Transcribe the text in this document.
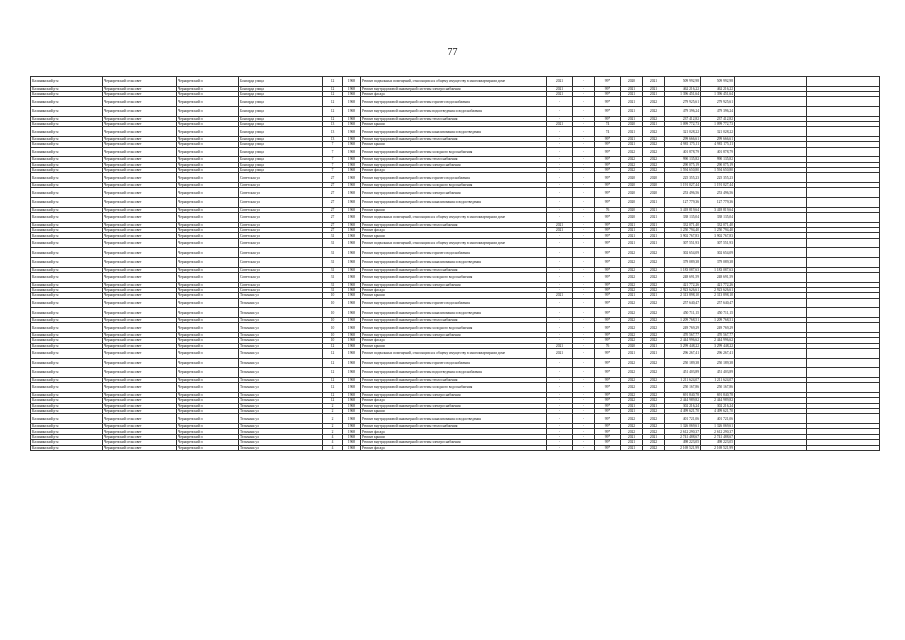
77
Калининский р-н	Черноречский сельсовет	Черноречский п	Бонгарда улица	12	1968	Ремонт подвальных помещений, относящихся к общему имуществу в многоквартирном доме	2021	-	99*	2020	2021	509 992,98	509 992,98		
Калининский р-н	Черноречский сельсовет	Черноречский п	Бонгарда улица	12	1968	Ремонт внутридомовой инженерной системы электроснабжения	2021	-	99*	2021	2021	462 216,22	462 216,22		
Калининский р-н	Черноречский сельсовет	Черноречский п	Бонгарда улица	12	1968	Ремонт фасада	2021	-	99*	2021	2021	1 396 451,64	1 396 451,64		
Калининский р-н	Черноречский сельсовет	Черноречский п	Бонгарда улица	12	1968	Ремонт внутридомовой инженерной системы горячего водоснабжения	-	-	99*	2021	2022	279 925,61	279 925,61		
Калининский р-н	Черноречский сельсовет	Черноречский п	Бонгарда улица	12	1968	Ремонт внутридомовой инженерной системы водоотведения и водоснабжения	-	-	99*	2021	2022	479 396,24	479 396,24		
Калининский р-н	Черноречский сельсовет	Черноречский п	Бонгарда улица	12	1968	Ремонт внутридомовой инженерной системы теплоснабжения	-	-	99*	2021	2022	237 412,82	237 412,82		
Калининский р-н	Черноречский сельсовет	Черноречский п	Бонгарда улица	13	1968	Ремонт крыши	2021	-	74	2020	2021	1 099 772,73	1 099 772,73		
Калининский р-н	Черноречский сельсовет	Черноречский п	Бонгарда улица	13	1968	Ремонт внутридомовой инженерной системы канализования и водоотведения	-	-	74	2021	2022	321 028,22	321 028,22		
Калининский р-н	Черноречский сельсовет	Черноречский п	Бонгарда улица	13	1968	Ремонт внутридомовой инженерной системы теплоснабжения	-	-	99*	2021	2022	299 666,61	299 666,61		
Калининский р-н	Черноречский сельсовет	Черноречский п	Бонгарда улица	7	1968	Ремонт крыши	-	-	99*	2021	2022	4 981 175,11	4 981 175,11		
Калининский р-н	Черноречский сельсовет	Черноречский п	Бонгарда улица	7	1968	Ремонт внутридомовой инженерной системы холодного водоснабжения	-	-	99*	2022	2022	401 878,79	401 878,79		
Калининский р-н	Черноречский сельсовет	Черноречский п	Бонгарда улица	7	1968	Ремонт внутридомовой инженерной системы теплоснабжения	-	-	99*	2022	2022	990 135,82	990 135,82		
Калининский р-н	Черноречский сельсовет	Черноречский п	Бонгарда улица	7	1968	Ремонт внутридомовой инженерной системы электроснабжения	-	-	99*	2022	2022	290 075,19	290 075,19		
Калининский р-н	Черноречский сельсовет	Черноречский п	Бонгарда улица	7	1968	Ремонт фасада	-	-	99*	2022	2022	1 594 650,80	1 594 650,80		
Калининский р-н	Черноречский сельсовет	Черноречский п	Советская ул	27	1968	Ремонт внутридомовой инженерной системы горячего водоснабжения	-	-	99*	2020	2020	225 355,23	225 355,23		
Калининский р-н	Черноречский сельсовет	Черноречский п	Советская ул	27	1968	Ремонт внутридомовой инженерной системы холодного водоснабжения	-	-	99*	2020	2020	1 191 027,44	1 191 027,44		
Калининский р-н	Черноречский сельсовет	Черноречский п	Советская ул	27	1968	Ремонт внутридомовой инженерной системы электроснабжения	-	-	99*	2020	2020	253 496,56	253 496,56		
Калининский р-н	Черноречский сельсовет	Черноречский п	Советская ул	27	1968	Ремонт внутридомовой инженерной системы канализования и водоотведения	-	-	99*	2020	2021	127 779,36	127 779,36		
Калининский р-н	Черноречский сельсовет	Черноречский п	Советская ул	27	1968	Ремонт крыши	-	-	76	2020	2021	3 418 819,64	3 418 819,64		
Калининский р-н	Черноречский сельсовет	Черноречский п	Советская ул	27	1968	Ремонт подвальных помещений, относящихся к общему имуществу в многоквартирном доме	-	-	99*	2020	2021	338 135,04	338 135,04		
Калининский р-н	Черноречский сельсовет	Черноречский п	Советская ул	27	1968	Ремонт внутридомовой инженерной системы теплоснабжения	2021	-	99*	2021	2021	332 071,40	332 071,40		
Калининский р-н	Черноречский сельсовет	Черноречский п	Советская ул	27	1968	Ремонт фасада	2021	-	99*	2021	2021	1 250 794,40	1 250 794,40		
Калининский р-н	Черноречский сельсовет	Черноречский п	Советская ул	31	1968	Ремонт крыши	-	-	99*	2021	2021	3 902 767,83	3 902 767,83		
Калининский р-н	Черноречский сельсовет	Черноречский п	Советская ул	31	1968	Ремонт подвальных помещений, относящихся к общему имуществу в многоквартирном доме	-	-	99*	2021	2021	307 551,93	307 551,93		
Калининский р-н	Черноречский сельсовет	Черноречский п	Советская ул	31	1968	Ремонт внутридомовой инженерной системы горячего водоснабжения	-	-	99*	2022	2022	302 654,09	302 654,09		
Калининский р-н	Черноречский сельсовет	Черноречский п	Советская ул	31	1968	Ремонт внутридомовой инженерной системы канализования и водоотведения	-	-	99*	2022	2022	379 089,38	379 089,38		
Калининский р-н	Черноречский сельсовет	Черноречский п	Советская ул	31	1968	Ремонт внутридомовой инженерной системы теплоснабжения	-	-	99*	2022	2022	1 183 087,63	1 183 087,63		
Калининский р-н	Черноречский сельсовет	Черноречский п	Советская ул	31	1968	Ремонт внутридомовой инженерной системы холодного водоснабжения	-	-	99*	2022	2022	248 691,59	248 691,59		
Калининский р-н	Черноречский сельсовет	Черноречский п	Советская ул	31	1968	Ремонт внутридомовой инженерной системы электроснабжения	-	-	99*	2022	2022	421 772,26	421 772,26		
Калининский р-н	Черноречский сельсовет	Черноречский п	Советская ул	31	1968	Ремонт фасада	-	-	99*	2022	2022	2 923 626,61	2 923 626,61		
Калининский р-н	Черноречский сельсовет	Черноречский п	Тельмана ул	10	1968	Ремонт крыши	2021	-	99*	2021	2021	2 313 898,10	2 313 898,10		
Калининский р-н	Черноречский сельсовет	Черноречский п	Тельмана ул	10	1968	Ремонт внутридомовой инженерной системы горячего водоснабжения	-	-	99*	2022	2022	257 640,47	257 640,47		
Калининский р-н	Черноречский сельсовет	Черноречский п	Тельмана ул	10	1968	Ремонт внутридомовой инженерной системы канализования и водоотведения	-	-	99*	2022	2022	450 711,15	450 711,15		
Калининский р-н	Черноречский сельсовет	Черноречский п	Тельмана ул	10	1968	Ремонт внутридомовой инженерной системы теплоснабжения	-	-	99*	2022	2022	1 209 768,51	1 209 768,51		
Калининский р-н	Черноречский сельсовет	Черноречский п	Тельмана ул	10	1968	Ремонт внутридомовой инженерной системы холодного водоснабжения	-	-	99*	2022	2022	249 769,29	249 769,29		
Калининский р-н	Черноречский сельсовет	Черноречский п	Тельмана ул	10	1968	Ремонт внутридомовой инженерной системы электроснабжения	-	-	99*	2022	2022	470 567,77	470 567,77		
Калининский р-н	Черноречский сельсовет	Черноречский п	Тельмана ул	10	1968	Ремонт фасада	-	-	99*	2022	2022	2 444 996,62	2 444 996,62		
Калининский р-н	Черноречский сельсовет	Черноречский п	Тельмана ул	12	1968	Ремонт крыши	2021	-	76	2020	2021	3 299 448,22	3 299 448,22		
Калининский р-н	Черноречский сельсовет	Черноречский п	Тельмана ул	12	1968	Ремонт подвальных помещений, относящихся к общему имуществу в многоквартирном доме	2021	-	99*	2021	2021	296 267,41	296 267,41		
Калининский р-н	Черноречский сельсовет	Черноречский п	Тельмана ул	12	1968	Ремонт внутридомовой инженерной системы горячего водоснабжения	-	-	99*	2022	2022	250 189,38	250 189,38		
Калининский р-н	Черноречский сельсовет	Черноречский п	Тельмана ул	12	1968	Ремонт внутридомовой инженерной системы водоотведения и водоснабжения	-	-	99*	2022	2022	451 403,89	451 403,89		
Калининский р-н	Черноречский сельсовет	Черноречский п	Тельмана ул	12	1968	Ремонт внутридомовой инженерной системы теплоснабжения	-	-	99*	2022	2022	1 211 624,07	1 211 624,07		
Калининский р-н	Черноречский сельсовет	Черноречский п	Тельмана ул	12	1968	Ремонт внутридомовой инженерной системы холодного водоснабжения	-	-	99*	2022	2022	250 167,86	250 167,86		
Калининский р-н	Черноречский сельсовет	Черноречский п	Тельмана ул	12	1968	Ремонт внутридомовой инженерной системы электроснабжения	-	-	99*	2022	2022	691 840,78	691 840,78		
Калининский р-н	Черноречский сельсовет	Черноречский п	Тельмана ул	12	1968	Ремонт фасада	-	-	99*	2022	2022	2 444 989,82	2 444 989,82		
Калининский р-н	Черноречский сельсовет	Черноречский п	Тельмана ул	2	1968	Ремонт внутридомовой инженерной системы электроснабжения	-	-	99*	2021	2021	302 216,24	302 216,24		
Калининский р-н	Черноречский сельсовет	Черноречский п	Тельмана ул	2	1968	Ремонт крыши	-	-	99*	2021	2022	4 499 621,70	4 499 621,70		
Калининский р-н	Черноречский сельсовет	Черноречский п	Тельмана ул	2	1968	Ремонт внутридомовой инженерной системы канализования и водоотведения	-	-	99*	2022	2022	401 721,06	401 721,06		
Калининский р-н	Черноречский сельсовет	Черноречский п	Тельмана ул	2	1968	Ремонт внутридомовой инженерной системы теплоснабжения	-	-	99*	2022	2022	1 326 069,61	1 326 069,61		
Калининский р-н	Черноречский сельсовет	Черноречский п	Тельмана ул	2	1968	Ремонт фасада	-	-	99*	2022	2022	2 612 290,37	2 612 290,37		
Калининский р-н	Черноречский сельсовет	Черноречский п	Тельмана ул	4	1968	Ремонт крыши	-	-	99*	2021	2021	2 741 488,67	2 741 488,67		
Калининский р-н	Черноречский сельсовет	Черноречский п	Тельмана ул	4	1968	Ремонт внутридомовой инженерной системы электроснабжения	-	-	99*	2021	2022	498 223,05	498 223,05		
Калининский р-н	Черноречский сельсовет	Черноречский п	Тельмана ул	4	1968	Ремонт фасада	-	-	99*	2021	2022	2 169 521,99	2 169 521,99		
